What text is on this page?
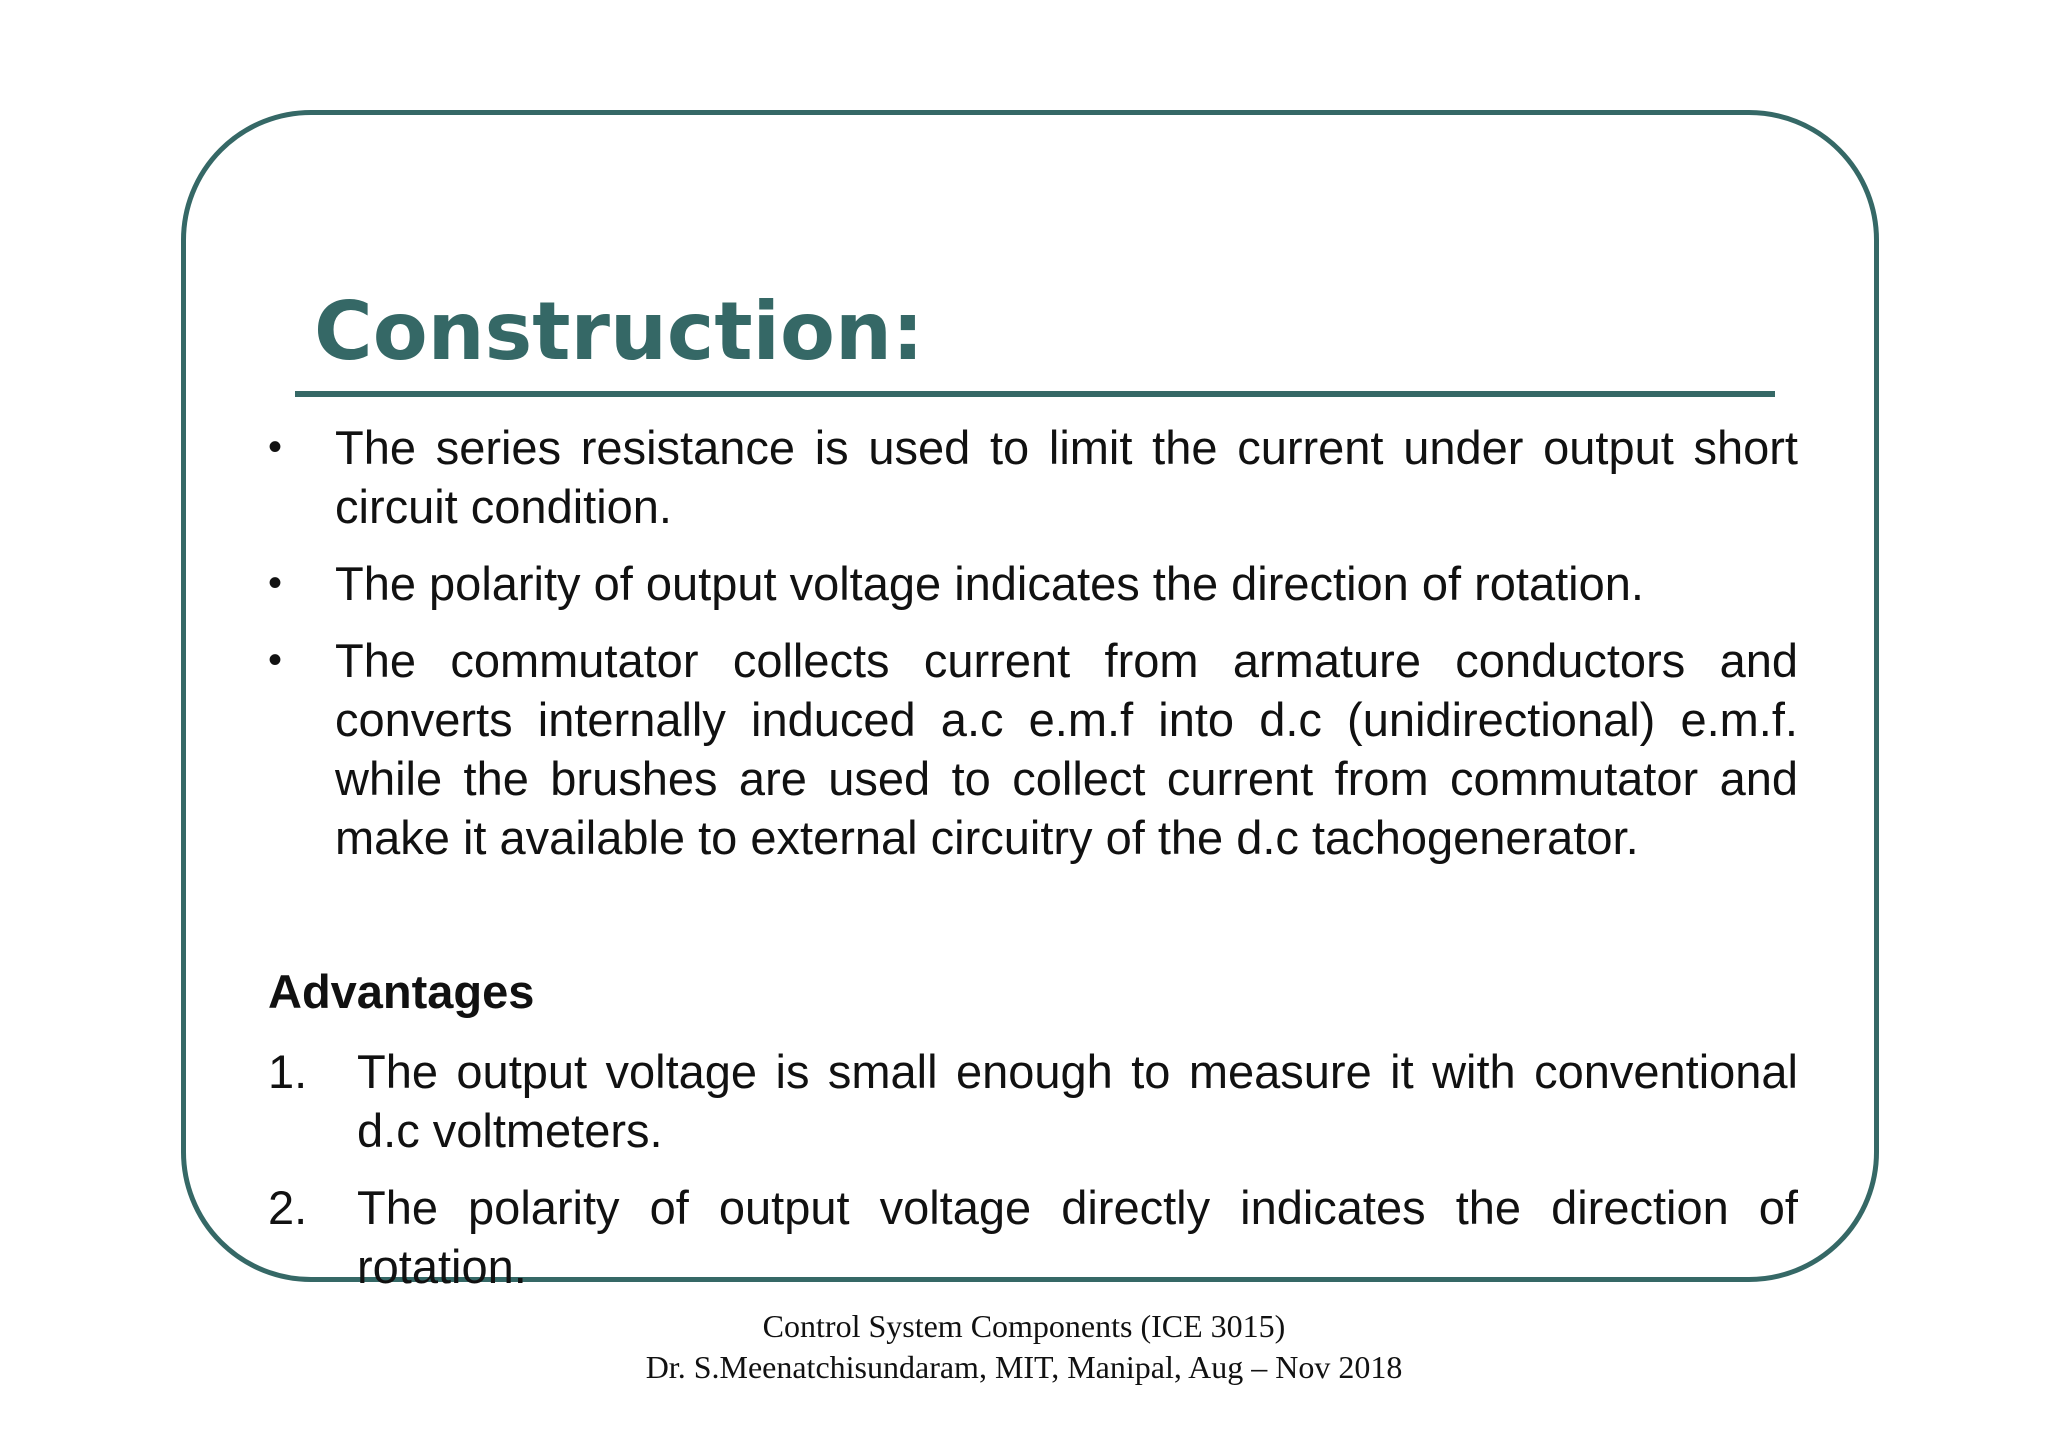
Construction:
• The series resistance is used to limit the current under output short circuit condition.
• The polarity of output voltage indicates the direction of rotation.
• The commutator collects current from armature conductors and converts internally induced a.c e.m.f into d.c (unidirectional) e.m.f. while the brushes are used to collect current from commutator and make it available to external circuitry of the d.c tachogenerator.
Advantages
1. The output voltage is small enough to measure it with conventional d.c voltmeters.
2. The polarity of output voltage directly indicates the direction of rotation.
Control System Components (ICE 3015)
Dr. S.Meenatchisundaram, MIT, Manipal, Aug – Nov 2018
